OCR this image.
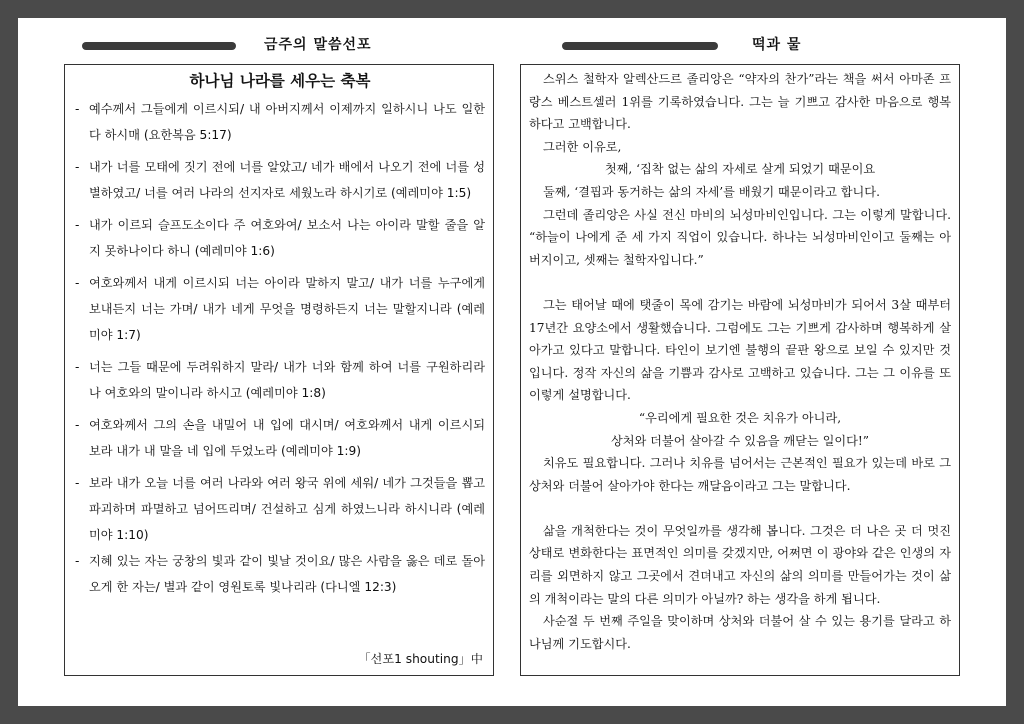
금주의 말씀선포	떡과 물
하나님 나라를 세우는 축복
- 예수께서 그들에게 이르시되/ 내 아버지께서 이제까지 일하시니 나도 일한다 하시매 (요한복음 5:17)
- 내가 너를 모태에 짓기 전에 너를 알았고/ 네가 배에서 나오기 전에 너를 성별하였고/ 너를 여러 나라의 선지자로 세웠노라 하시기로 (예레미야 1:5)
- 내가 이르되 슬프도소이다 주 여호와여/ 보소서 나는 아이라 말할 줄을 알지 못하나이다 하니 (예레미야 1:6)
- 여호와께서 내게 이르시되 너는 아이라 말하지 말고/ 내가 너를 누구에게 보내든지 너는 가며/ 내가 네게 무엇을 명령하든지 너는 말할지니라 (예레미야 1:7)
- 너는 그들 때문에 두려워하지 말라/ 내가 너와 함께 하여 너를 구원하리라 나 여호와의 말이니라 하시고 (예레미야 1:8)
- 여호와께서 그의 손을 내밀어 내 입에 대시며/ 여호와께서 내게 이르시되 보라 내가 내 말을 네 입에 두었노라 (예레미야 1:9)
- 보라 내가 오늘 너를 여러 나라와 여러 왕국 위에 세워/ 네가 그것들을 뽑고 파괴하며 파멸하고 넘어뜨리며/ 건설하고 심게 하였느니라 하시니라 (예레미야 1:10)
- 지혜 있는 자는 궁창의 빛과 같이 빛날 것이요/ 많은 사람을 옳은 데로 돌아오게 한 자는/ 별과 같이 영원토록 빛나리라 (다니엘 12:3)
「선포1 shouting」中
스위스 철학자 알렉산드르 졸리앙은 “약자의 찬가”라는 책을 써서 아마존 프랑스 베스트셀러 1위를 기록하였습니다. 그는 늘 기쁘고 감사한 마음으로 행복하다고 고백합니다.
그러한 이유로,
첫째, ‘집착 없는 삶의 자세로 살게 되었기 때문이요
둘째, ‘결핍과 동거하는 삶의 자세’를 배웠기 때문이라고 합니다.
그런데 졸리앙은 사실 전신 마비의 뇌성마비인입니다. 그는 이렇게 말합니다. “하늘이 나에게 준 세 가지 직업이 있습니다. 하나는 뇌성마비인이고 둘째는 아버지이고, 셋째는 철학자입니다.”
그는 태어날 때에 탯줄이 목에 감기는 바람에 뇌성마비가 되어서 3살 때부터 17년간 요양소에서 생활했습니다. 그럼에도 그는 기쁘게 감사하며 행복하게 살아가고 있다고 말합니다. 타인이 보기엔 불행의 끝판 왕으로 보일 수 있지만 것입니다. 정작 자신의 삶을 기쁨과 감사로 고백하고 있습니다. 그는 그 이유를 또 이렇게 설명합니다.
“우리에게 필요한 것은 치유가 아니라,
상처와 더불어 살아갈 수 있음을 깨닫는 일이다!”
치유도 필요합니다. 그러나 치유를 넘어서는 근본적인 필요가 있는데 바로 그 상처와 더불어 살아가야 한다는 깨달음이라고 그는 말합니다.
삶을 개척한다는 것이 무엇일까를 생각해 봅니다. 그것은 더 나은 곳 더 멋진 상태로 변화한다는 표면적인 의미를 갖겠지만, 어쩌면 이 광야와 같은 인생의 자리를 외면하지 않고 그곳에서 견뎌내고 자신의 삶의 의미를 만들어가는 것이 삶의 개척이라는 말의 다른 의미가 아닐까? 하는 생각을 하게 됩니다.
사순절 두 번째 주일을 맞이하며 상처와 더불어 살 수 있는 용기를 달라고 하나님께 기도합시다.
